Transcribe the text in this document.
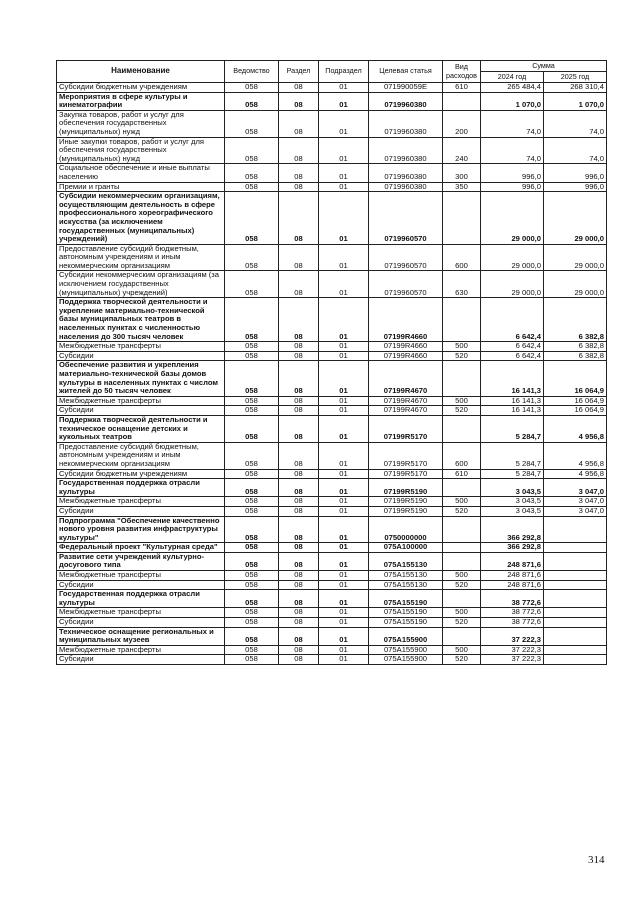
Наименование	Ведомство	Раздел	Подраздел	Целевая статья	Вид расходов	Сумма	
						2024 год	2025 год
Субсидии бюджетным учреждениям	058	08	01	071990059Е	610	265 484,4	268 310,4
Мероприятия в сфере культуры и кинематографии	058	08	01	0719960380		1 070,0	1 070,0
Закупка товаров, работ и услуг для обеспечения государственных (муниципальных) нужд	058	08	01	0719960380	200	74,0	74,0
Иные закупки товаров, работ и услуг для обеспечения государственных (муниципальных) нужд	058	08	01	0719960380	240	74,0	74,0
Социальное обеспечение и иные выплаты населению	058	08	01	0719960380	300	996,0	996,0
Премии и гранты	058	08	01	0719960380	350	996,0	996,0
Субсидии некоммерческим организациям, осуществляющим деятельность в сфере профессионального хореографического искусства (за исключением государственных (муниципальных) учреждений)	058	08	01	0719960570		29 000,0	29 000,0
Предоставление субсидий бюджетным, автономным учреждениям и иным некоммерческим организациям	058	08	01	0719960570	600	29 000,0	29 000,0
Субсидии некоммерческим организациям (за исключением государственных (муниципальных) учреждений)	058	08	01	0719960570	630	29 000,0	29 000,0
Поддержка творческой деятельности и укрепление материально-технической базы муниципальных театров в населенных пунктах с численностью населения до 300 тысяч человек	058	08	01	07199R4660		6 642,4	6 382,8
Межбюджетные трансферты	058	08	01	07199R4660	500	6 642,4	6 382,8
Субсидии	058	08	01	07199R4660	520	6 642,4	6 382,8
Обеспечение развития и укрепления материально-технической базы домов культуры в населенных пунктах с числом жителей до 50 тысяч человек	058	08	01	07199R4670		16 141,3	16 064,9
Межбюджетные трансферты	058	08	01	07199R4670	500	16 141,3	16 064,9
Субсидии	058	08	01	07199R4670	520	16 141,3	16 064,9
Поддержка творческой деятельности и техническое оснащение детских и кукольных театров	058	08	01	07199R5170		5 284,7	4 956,8
Предоставление субсидий бюджетным, автономным учреждениям и иным некоммерческим организациям	058	08	01	07199R5170	600	5 284,7	4 956,8
Субсидии бюджетным учреждениям	058	08	01	07199R5170	610	5 284,7	4 956,8
Государственная поддержка отрасли культуры	058	08	01	07199R5190		3 043,5	3 047,0
Межбюджетные трансферты	058	08	01	07199R5190	500	3 043,5	3 047,0
Субсидии	058	08	01	07199R5190	520	3 043,5	3 047,0
Подпрограмма "Обеспечение качественно нового уровня развития инфраструктуры культуры"	058	08	01	0750000000		366 292,8	
Федеральный проект "Культурная среда"	058	08	01	075A100000		366 292,8	
Развитие сети учреждений культурно-досугового типа	058	08	01	075A155130		248 871,6	
Межбюджетные трансферты	058	08	01	075A155130	500	248 871,6	
Субсидии	058	08	01	075A155130	520	248 871,6	
Государственная поддержка отрасли культуры	058	08	01	075A155190		38 772,6	
Межбюджетные трансферты	058	08	01	075A155190	500	38 772,6	
Субсидии	058	08	01	075A155190	520	38 772,6	
Техническое оснащение региональных и муниципальных музеев	058	08	01	075A155900		37 222,3	
Межбюджетные трансферты	058	08	01	075A155900	500	37 222,3	
Субсидии	058	08	01	075A155900	520	37 222,3	
314
